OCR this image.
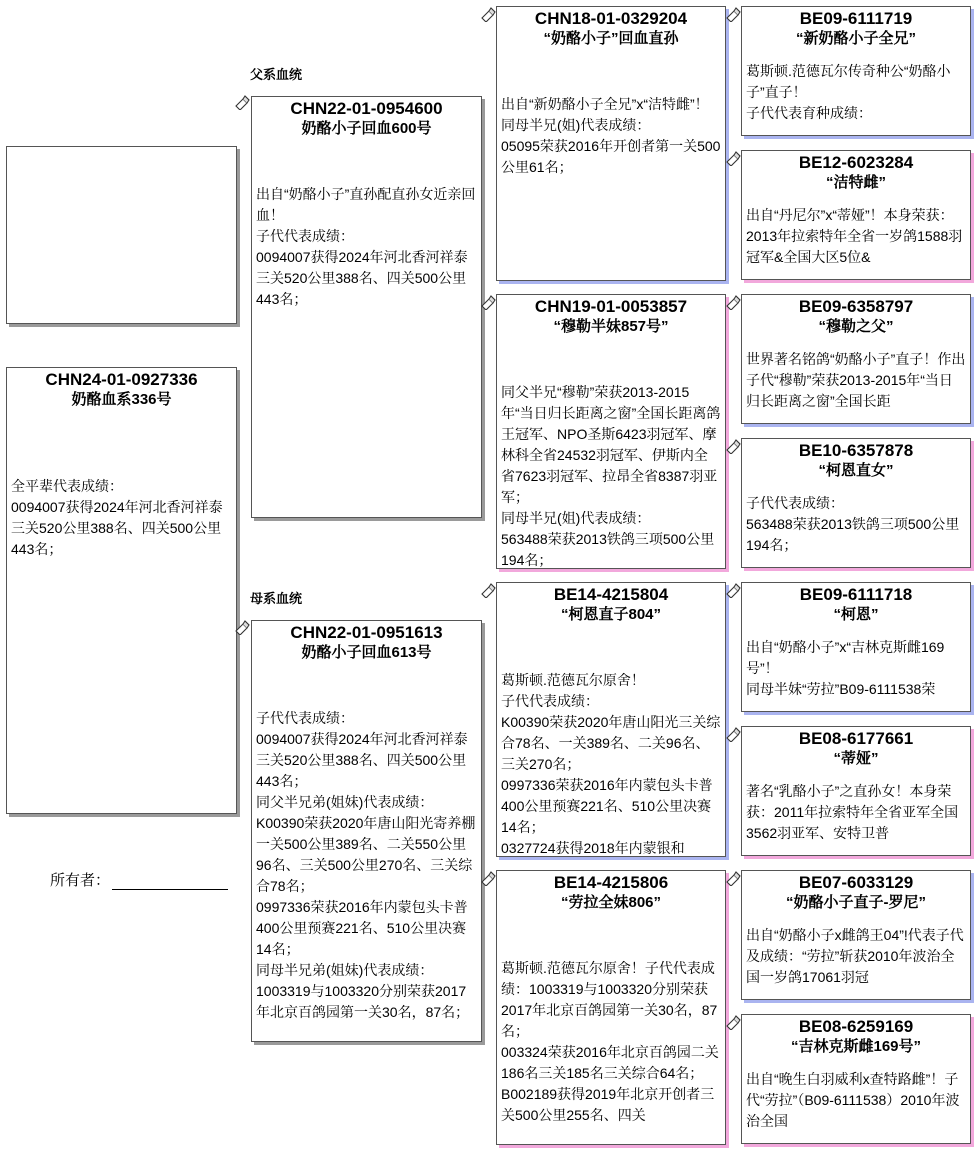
CHN24-01-0927336
奶酪血系336号

全平辈代表成绩：

0094007获得2024年河北香河祥泰三关520公里388名、四关500公里443名；

所有者：
父系血统
母系血统
CHN22-01-0954600
奶酪小子回血600号

出自“奶酪小子”直孙配直孙女近亲回血！

子代代表成绩：

0094007获得2024年河北香河祥泰三关520公里388名、四关500公里443名；

CHN22-01-0951613
奶酪小子回血613号

子代代表成绩：

0094007获得2024年河北香河祥泰三关520公里388名、四关500公里443名；

同父半兄弟(姐妹)代表成绩：

K00390荣获2020年唐山阳光寄养棚一关500公里389名、二关550公里96名、三关500公里270名、三关综合78名；

0997336荣获2016年内蒙包头卡普400公里预赛221名、510公里决赛14名；

同母半兄弟(姐妹)代表成绩：

1003319与1003320分别荣获2017年北京百鸽园第一关30名，87名；

CHN18-01-0329204
“奶酪小子”回血直孙

出自“新奶酪小子全兄”x“洁特雌”！

同母半兄(姐)代表成绩：

05095荣获2016年开创者第一关500公里61名；

CHN19-01-0053857
“穆勒半妹857号”

同父半兄“穆勒”荣获2013-2015年“当日归长距离之窗”全国长距离鸽王冠军、NPO圣斯6423羽冠军、摩林科全省24532羽冠军、伊斯内全省7623羽冠军、拉昂全省8387羽亚军；

同母半兄(姐)代表成绩：

563488荣获2013铁鸽三项500公里194名；

BE14-4215804
“柯恩直子804”

葛斯顿.范德瓦尔原舍！

子代代表成绩：

K00390荣获2020年唐山阳光三关综合78名、一关389名、二关96名、三关270名；

0997336荣获2016年内蒙包头卡普400公里预赛221名、510公里决赛14名；

0327724获得2018年内蒙银和

BE14-4215806
“劳拉全妹806”

葛斯顿.范德瓦尔原舍！子代代表成绩：1003319与1003320分别荣获2017年北京百鸽园第一关30名，87名；

003324荣获2016年北京百鸽园二关186名三关185名三关综合64名；

B002189获得2019年北京开创者三关500公里255名、四关

BE09-6111719
“新奶酪小子全兄”

葛斯顿.范德瓦尔传奇种公“奶酪小子”直子！

子代代表育种成绩：

BE12-6023284
“洁特雌”

出自“丹尼尔”x“蒂娅”！本身荣获：2013年拉索特年全省一岁鸽1588羽冠军&全国大区5位&

BE09-6358797
“穆勒之父”

世界著名铭鸽“奶酪小子”直子！作出子代“穆勒”荣获2013-2015年“当日归长距离之窗”全国长距

BE10-6357878
“柯恩直女”

子代代表成绩：

563488荣获2013铁鸽三项500公里194名；

BE09-6111718
“柯恩”

出自“奶酪小子”x“吉林克斯雌169号”！

同母半妹“劳拉”B09-6111538荣

BE08-6177661
“蒂娅”

著名“乳酪小子”之直孙女！本身荣获：2011年拉索特年全省亚军全国3562羽亚军、安特卫普

BE07-6033129
“奶酪小子直子-罗尼”

出自“奶酪小子x雌鸽王04”!代表子代及成绩：“劳拉”斩获2010年波治全国一岁鸽17061羽冠

BE08-6259169
“吉林克斯雌169号”

出自“晚生白羽威利x查特路雌”！子代“劳拉”（B09-6111538）2010年波治全国
